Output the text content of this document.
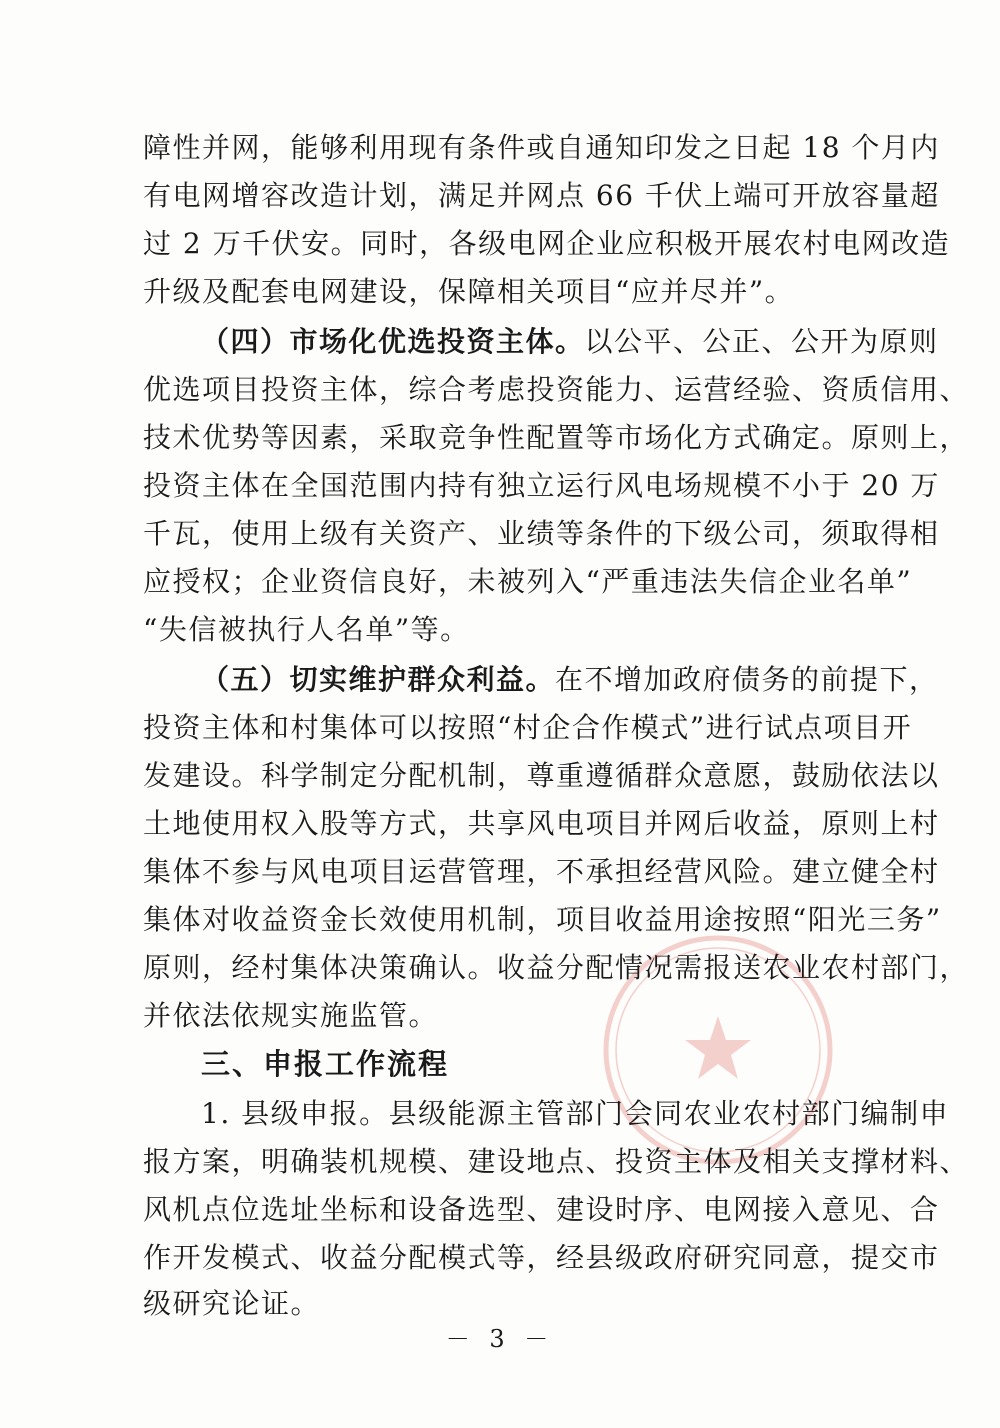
障性并网，能够利用现有条件或自通知印发之日起 18 个月内
有电网增容改造计划，满足并网点 66 千伏上端可开放容量超
过 2 万千伏安。同时，各级电网企业应积极开展农村电网改造
升级及配套电网建设，保障相关项目“应并尽并”。
（四）市场化优选投资主体。以公平、公正、公开为原则
优选项目投资主体，综合考虑投资能力、运营经验、资质信用、
技术优势等因素，采取竞争性配置等市场化方式确定。原则上，
投资主体在全国范围内持有独立运行风电场规模不小于 20 万
千瓦，使用上级有关资产、业绩等条件的下级公司，须取得相
应授权；企业资信良好，未被列入“严重违法失信企业名单”
“失信被执行人名单”等。
（五）切实维护群众利益。在不增加政府债务的前提下，
投资主体和村集体可以按照“村企合作模式”进行试点项目开
发建设。科学制定分配机制，尊重遵循群众意愿，鼓励依法以
土地使用权入股等方式，共享风电项目并网后收益，原则上村
集体不参与风电项目运营管理，不承担经营风险。建立健全村
集体对收益资金长效使用机制，项目收益用途按照“阳光三务”
原则，经村集体决策确认。收益分配情况需报送农业农村部门，
并依法依规实施监管。
三、申报工作流程
1. 县级申报。县级能源主管部门会同农业农村部门编制申
报方案，明确装机规模、建设地点、投资主体及相关支撑材料、
风机点位选址坐标和设备选型、建设时序、电网接入意见、合
作开发模式、收益分配模式等，经县级政府研究同意，提交市
级研究论证。
－ 3 －
